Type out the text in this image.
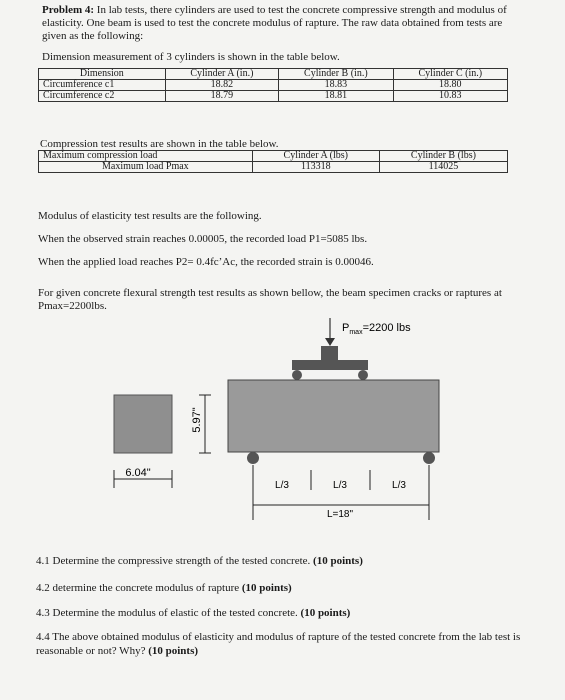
Problem 4: In lab tests, there cylinders are used to test the concrete compressive strength and modulus of elasticity. One beam is used to test the concrete modulus of rapture. The raw data obtained from tests are given as the following:
Dimension measurement of 3 cylinders is shown in the table below.
Dimension	Cylinder A (in.)	Cylinder B (in.)	Cylinder C (in.)
Circumference c1	18.82	18.83	18.80
Circumference c2	18.79	18.81	10.83
Compression test results are shown in the table below.
Maximum compression load	Cylinder A (lbs)	Cylinder B (lbs)
Maximum load Pmax	113318	114025
Modulus of elasticity test results are the following.
When the observed strain reaches 0.00005, the recorded load P1=5085 lbs.
When the applied load reaches P2= 0.4fc’Ac, the recorded strain is 0.00046.
For given concrete flexural strength test results as shown bellow, the beam specimen cracks or raptures at Pmax=2200lbs.
$P_{max}=2200$ lbs
5.97"
6.04"
L/3	L/3	L/3
L=18"
4.1 Determine the compressive strength of the tested concrete. (10 points)
4.2 determine the concrete modulus of rapture (10 points)
4.3 Determine the modulus of elastic of the tested concrete. (10 points)
4.4 The above obtained modulus of elasticity and modulus of rapture of the tested concrete from the lab test is reasonable or not? Why? (10 points)
